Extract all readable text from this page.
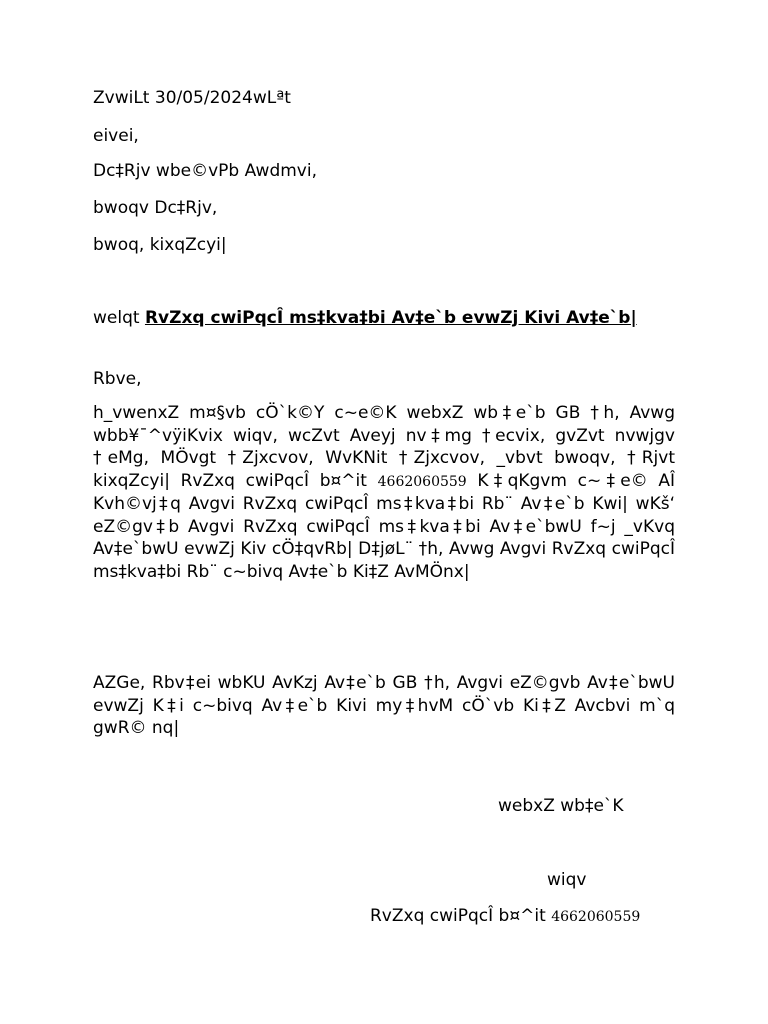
ZvwiLt 30/05/2024wLªt
eivei,
Dc‡Rjv wbe©vPb Awdmvi,
bwoqv Dc‡Rjv,
bwoq, kixqZcyi|
welqt RvZxq cwiPqcÎ ms‡kva‡bi Av‡e`b evwZj Kivi Av‡e`b|
Rbve,
h_vwenxZ m¤§vb cÖ`k©Y c~e©K webxZ wb‡e`b GB †h, Avwg wbb¥¯^vÿiKvix wiqv, wcZvt Aveyj nv‡mg †ecvix, gvZvt nvwjgv †eMg, MÖvgt †Zjxcvov, WvKNit †Zjxcvov, _vbvt bwoqv, †Rjvt kixqZcyi| RvZxq cwiPqcÎ b¤^it 4662060559 K‡qKgvm c~‡e© AÎ Kvh©vj‡q Avgvi RvZxq cwiPqcÎ ms‡kva‡bi Rb¨ Av‡e`b Kwi| wKš‘ eZ©gv‡b Avgvi RvZxq cwiPqcÎ ms‡kva‡bi Av‡e`bwU f~j _vKvq Av‡e`bwU evwZj Kiv cÖ‡qvRb| D‡jøL¨ †h, Avwg Avgvi RvZxq cwiPqcÎ ms‡kva‡bi Rb¨ c~bivq Av‡e`b Ki‡Z AvMÖnx|
AZGe, Rbv‡ei wbKU AvKzj Av‡e`b GB †h, Avgvi eZ©gvb Av‡e`bwU evwZj K‡i c~bivq Av‡e`b Kivi my‡hvM cÖ`vb Ki‡Z Avcbvi m`q gwR© nq|
webxZ wb‡e`K
wiqv
RvZxq cwiPqcÎ b¤^it 4662060559
